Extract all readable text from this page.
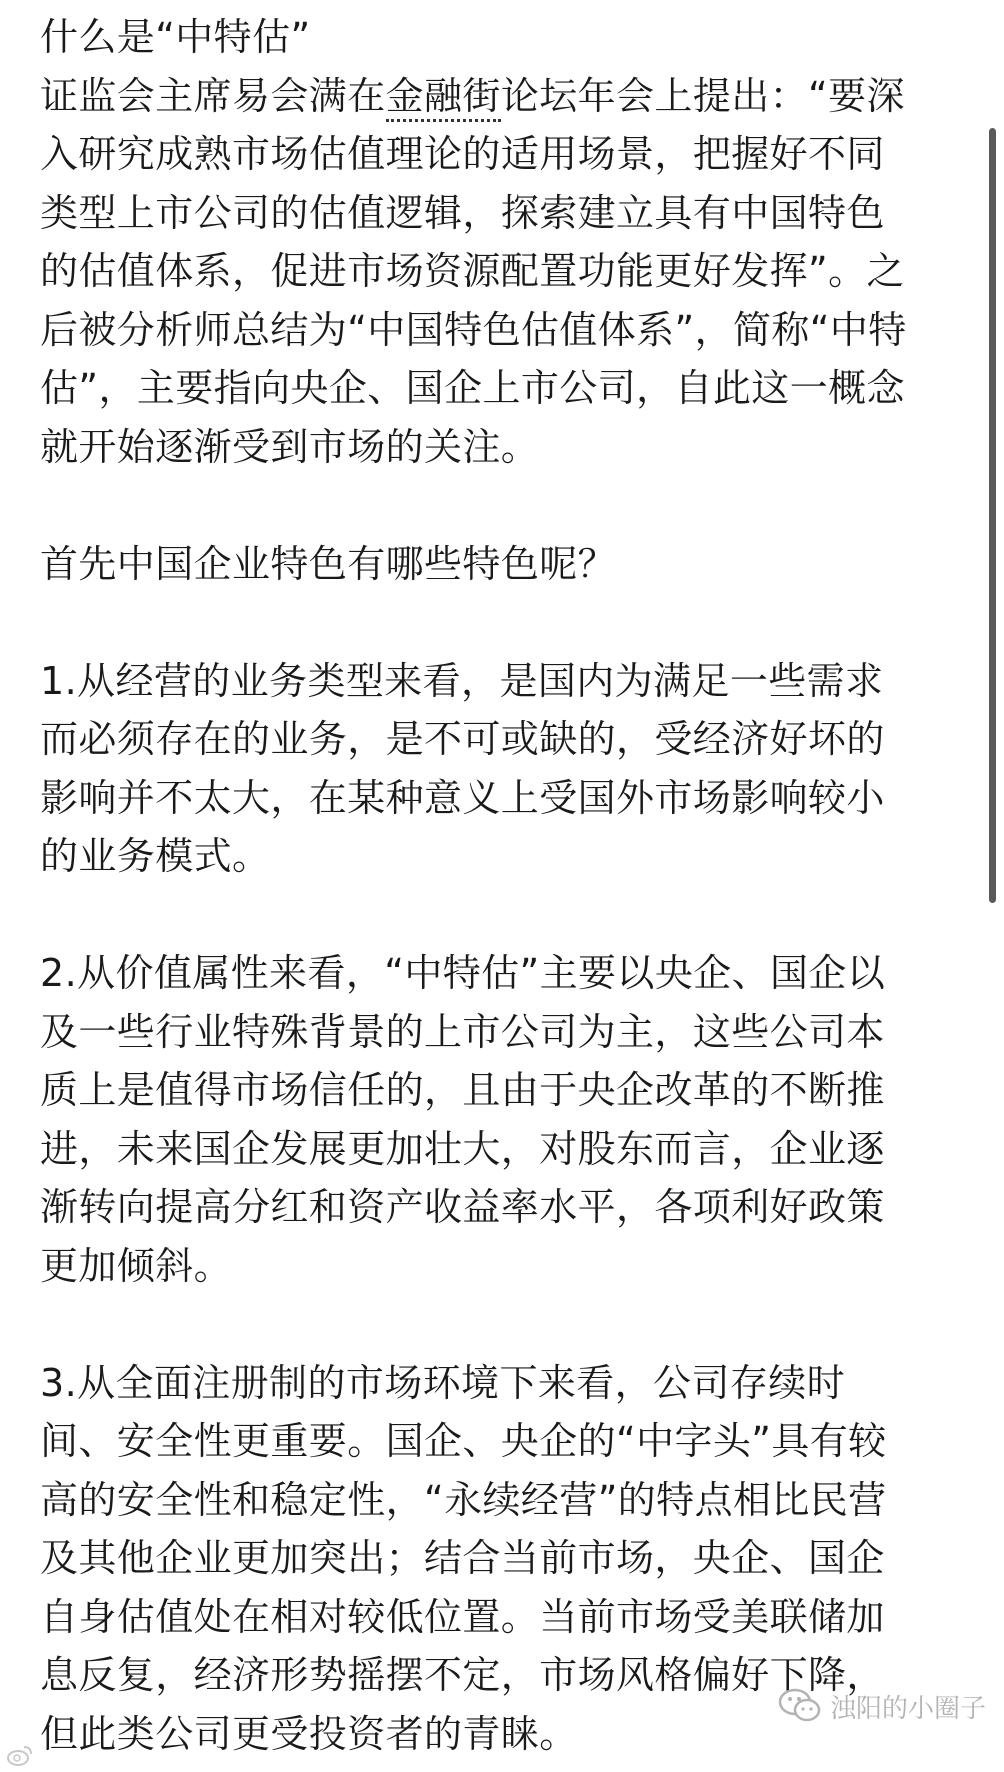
什么是“中特估”
证监会主席易会满在金融街论坛年会上提出：“要深
入研究成熟市场估值理论的适用场景，把握好不同
类型上市公司的估值逻辑，探索建立具有中国特色
的估值体系，促进市场资源配置功能更好发挥”。之
后被分析师总结为“中国特色估值体系”，简称“中特
估”，主要指向央企、国企上市公司，自此这一概念
就开始逐渐受到市场的关注。
首先中国企业特色有哪些特色呢？
1.从经营的业务类型来看，是国内为满足一些需求
而必须存在的业务，是不可或缺的，受经济好坏的
影响并不太大，在某种意义上受国外市场影响较小
的业务模式。
2.从价值属性来看，“中特估”主要以央企、国企以
及一些行业特殊背景的上市公司为主，这些公司本
质上是值得市场信任的，且由于央企改革的不断推
进，未来国企发展更加壮大，对股东而言，企业逐
渐转向提高分红和资产收益率水平，各项利好政策
更加倾斜。
3.从全面注册制的市场环境下来看，公司存续时
间、安全性更重要。国企、央企的“中字头”具有较
高的安全性和稳定性，“永续经营”的特点相比民营
及其他企业更加突出；结合当前市场，央企、国企
自身估值处在相对较低位置。当前市场受美联储加
息反复，经济形势摇摆不定，市场风格偏好下降，
但此类公司更受投资者的青睐。
浊阳的小圈子
